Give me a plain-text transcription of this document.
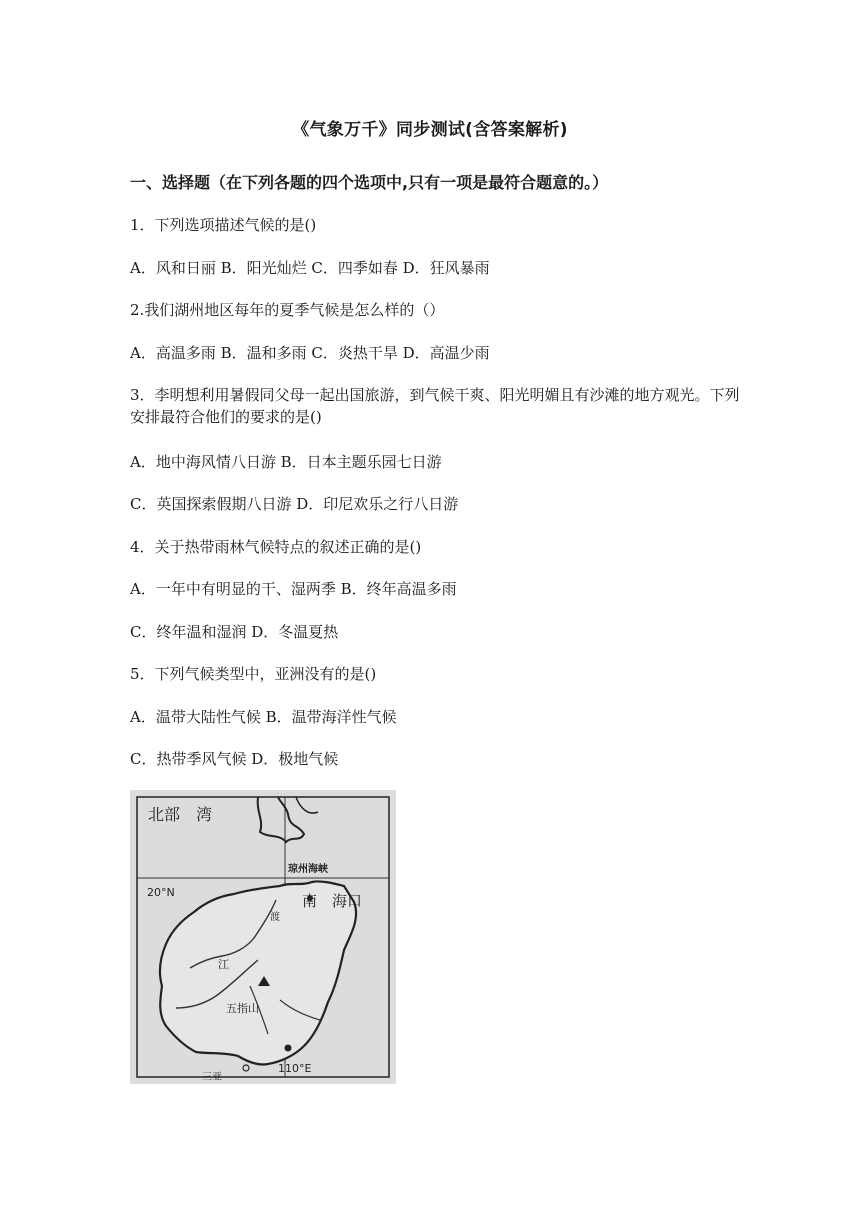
《气象万千》同步测试(含答案解析)
一、选择题（在下列各题的四个选项中,只有一项是最符合题意的。）
1．下列选项描述气候的是()
A．风和日丽 B．阳光灿烂 C．四季如春 D．狂风暴雨
2.我们湖州地区每年的夏季气候是怎么样的（）
A．高温多雨 B．温和多雨 C．炎热干旱 D．高温少雨
3．李明想利用暑假同父母一起出国旅游，到气候干爽、阳光明媚且有沙滩的地方观光。下列安排最符合他们的要求的是()
A．地中海风情八日游 B．日本主题乐园七日游
C．英国探索假期八日游 D．印尼欢乐之行八日游
4．关于热带雨林气候特点的叙述正确的是()
A．一年中有明显的干、湿两季 B．终年高温多雨
C．终年温和湿润 D．冬温夏热
5．下列气候类型中，亚洲没有的是()
A．温带大陆性气候 B．温带海洋性气候
C．热带季风气候 D．极地气候
北部　湾
琼州海峡
20°N	南 海口
渡
江
五指山
三亚
110°E
